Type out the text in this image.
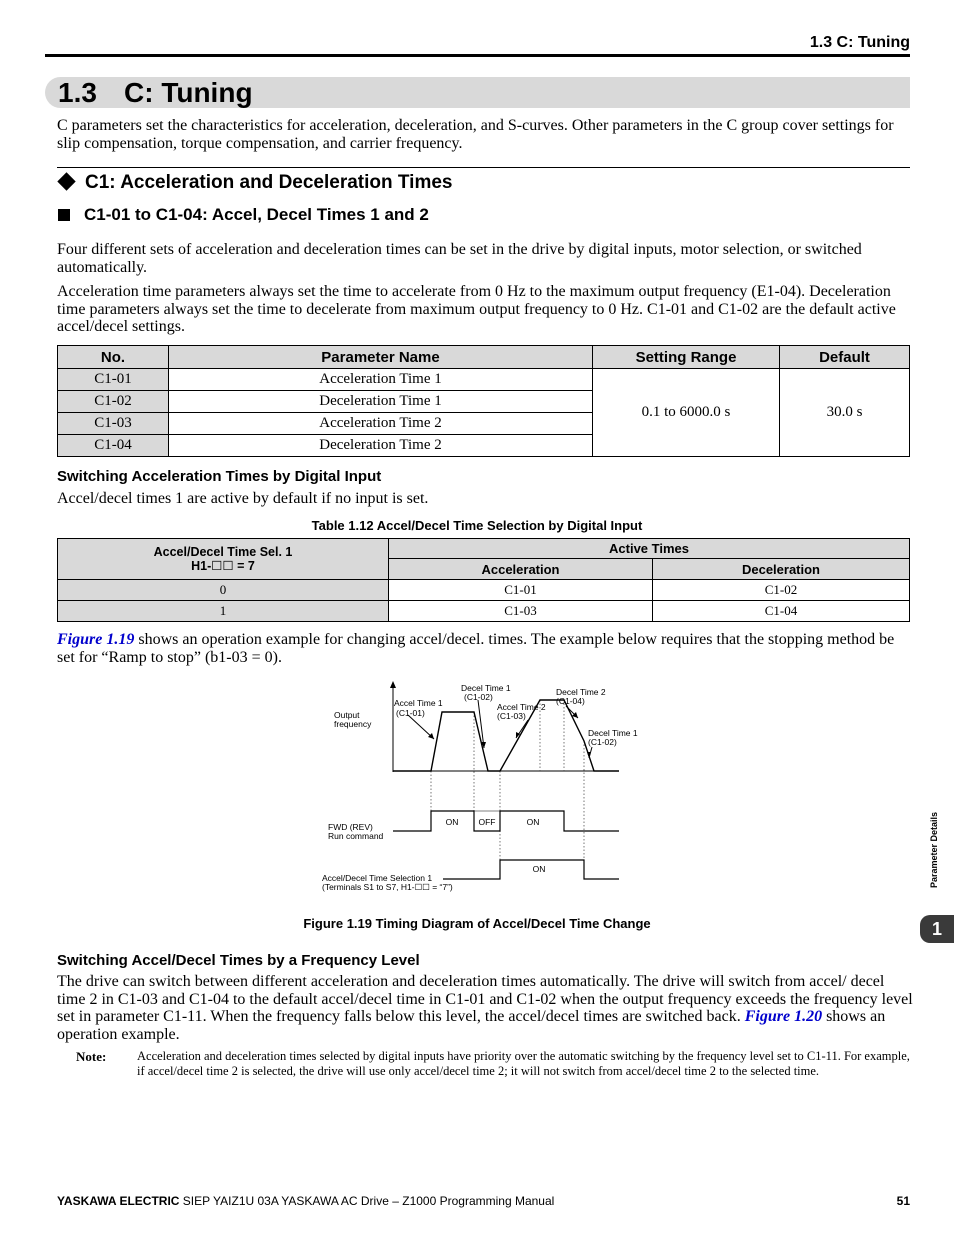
1.3 C: Tuning
1.3 C: Tuning
C parameters set the characteristics for acceleration, deceleration, and S-curves. Other parameters in the C group cover settings for slip compensation, torque compensation, and carrier frequency.
C1: Acceleration and Deceleration Times
C1-01 to C1-04: Accel, Decel Times 1 and 2
Four different sets of acceleration and deceleration times can be set in the drive by digital inputs, motor selection, or switched automatically.
Acceleration time parameters always set the time to accelerate from 0 Hz to the maximum output frequency (E1-04). Deceleration time parameters always set the time to decelerate from maximum output frequency to 0 Hz. C1-01 and C1-02 are the default active accel/decel settings.
No.	Parameter Name	Setting Range	Default
C1-01	Acceleration Time 1	0.1 to 6000.0 s	30.0 s
C1-02	Deceleration Time 1		
C1-03	Acceleration Time 2		
C1-04	Deceleration Time 2		
Switching Acceleration Times by Digital Input
Accel/decel times 1 are active by default if no input is set.
Table 1.12 Accel/Decel Time Selection by Digital Input
Accel/Decel Time Sel. 1
H1-☐☐ = 7	Active Times	
	Acceleration	Deceleration
0	C1-01	C1-02
1	C1-03	C1-04
Figure 1.19 shows an operation example for changing accel/decel. times. The example below requires that the stopping method be set for “Ramp to stop” (b1-03 = 0).
Output frequency
Accel Time 1 (C1-01)
Decel Time 1 (C1-02)
Accel Time 2 (C1-03)
Decel Time 2 (C1-04)
Decel Time 1 (C1-02)
ON OFF	ON
FWD (REV) Run command
ON
Accel/Decel Time Selection 1 (Terminals S1 to S7, H1-☐☐ = “7”)
Figure 1.19 Timing Diagram of Accel/Decel Time Change
Switching Accel/Decel Times by a Frequency Level
The drive can switch between different acceleration and deceleration times automatically. The drive will switch from accel/ decel time 2 in C1-03 and C1-04 to the default accel/decel time in C1-01 and C1-02 when the output frequency exceeds the frequency level set in parameter C1-11. When the frequency falls below this level, the accel/decel times are switched back. Figure 1.20 shows an operation example.
Note: Acceleration and deceleration times selected by digital inputs have priority over the automatic switching by the frequency level set to C1-11. For example, if accel/decel time 2 is selected, the drive will use only accel/decel time 2; it will not switch from accel/decel time 2 to the selected time.
Parameter Details
1
YASKAWA ELECTRIC SIEP YAIZ1U 03A YASKAWA AC Drive – Z1000 Programming Manual	51
